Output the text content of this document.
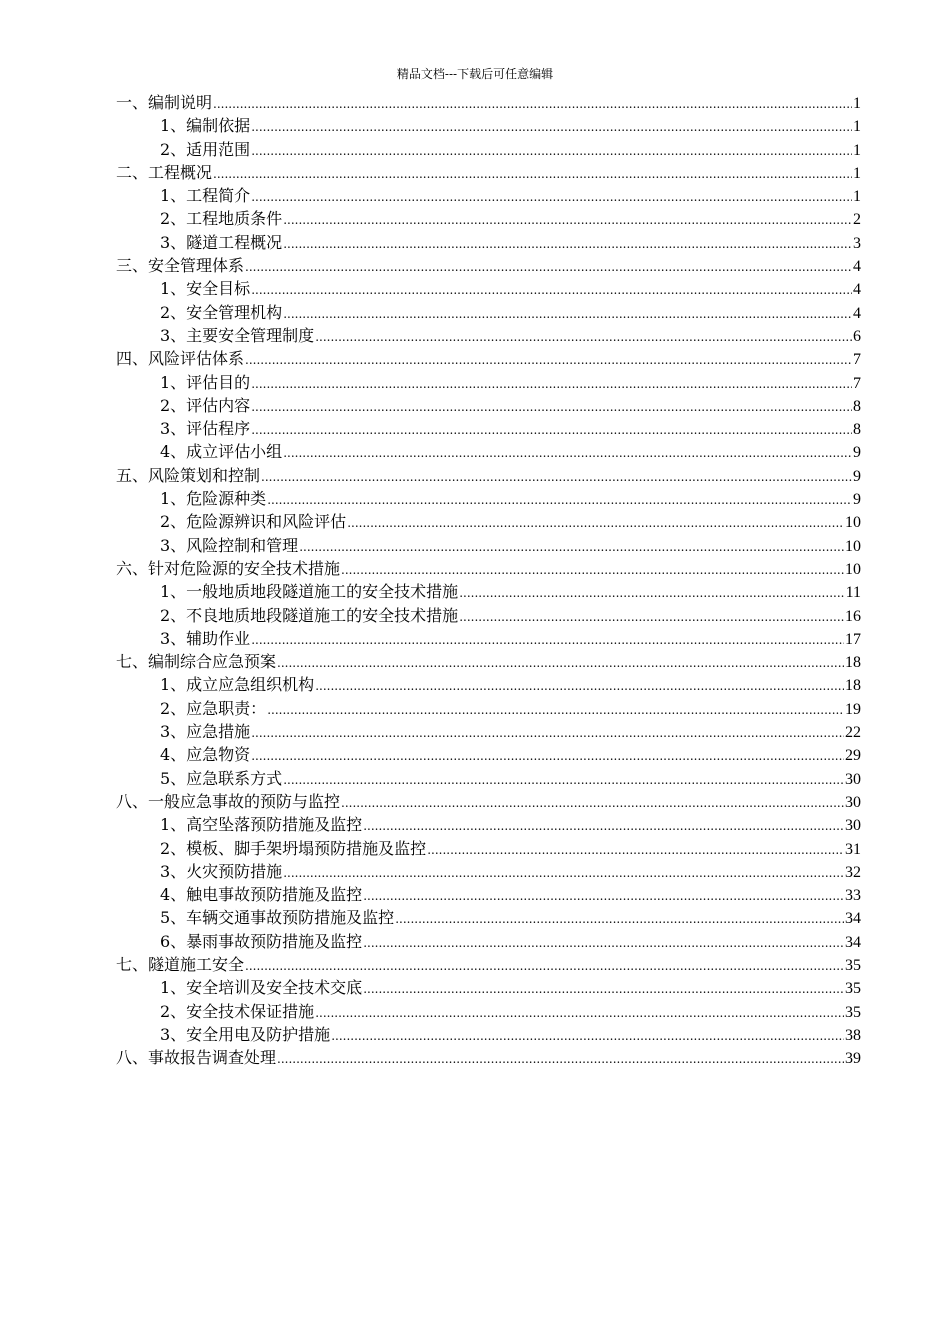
精品文档---下载后可任意编辑
一、编制说明 .....	1
1、编制依据 .....	1
2、适用范围 .....	1
二、工程概况 .....	1
1、工程简介 .....	1
2、工程地质条件 .....	2
3、隧道工程概况 .....	3
三、安全管理体系 .....	4
1、安全目标 .....	4
2、安全管理机构 .....	4
3、主要安全管理制度 .....	6
四、风险评估体系 .....	7
1、评估目的 .....	7
2、评估内容 .....	8
3、评估程序 .....	8
4、成立评估小组 .....	9
五、风险策划和控制 .....	9
1、危险源种类 .....	9
2、危险源辨识和风险评估 .....	10
3、风险控制和管理 .....	10
六、针对危险源的安全技术措施 .....	10
1、一般地质地段隧道施工的安全技术措施 .....	11
2、不良地质地段隧道施工的安全技术措施 .....	16
3、辅助作业 .....	17
七、编制综合应急预案 .....	18
1、成立应急组织机构 .....	18
2、应急职责： .....	19
3、应急措施 .....	22
4、应急物资 .....	29
5、应急联系方式 .....	30
八、一般应急事故的预防与监控 .....	30
1、高空坠落预防措施及监控 .....	30
2、模板、脚手架坍塌预防措施及监控 .....	31
3、火灾预防措施 .....	32
4、触电事故预防措施及监控 .....	33
5、车辆交通事故预防措施及监控 .....	34
6、暴雨事故预防措施及监控 .....	34
七、隧道施工安全 .....	35
1、安全培训及安全技术交底 .....	35
2、安全技术保证措施 .....	35
3、安全用电及防护措施 .....	38
八、事故报告调查处理 .....	39
